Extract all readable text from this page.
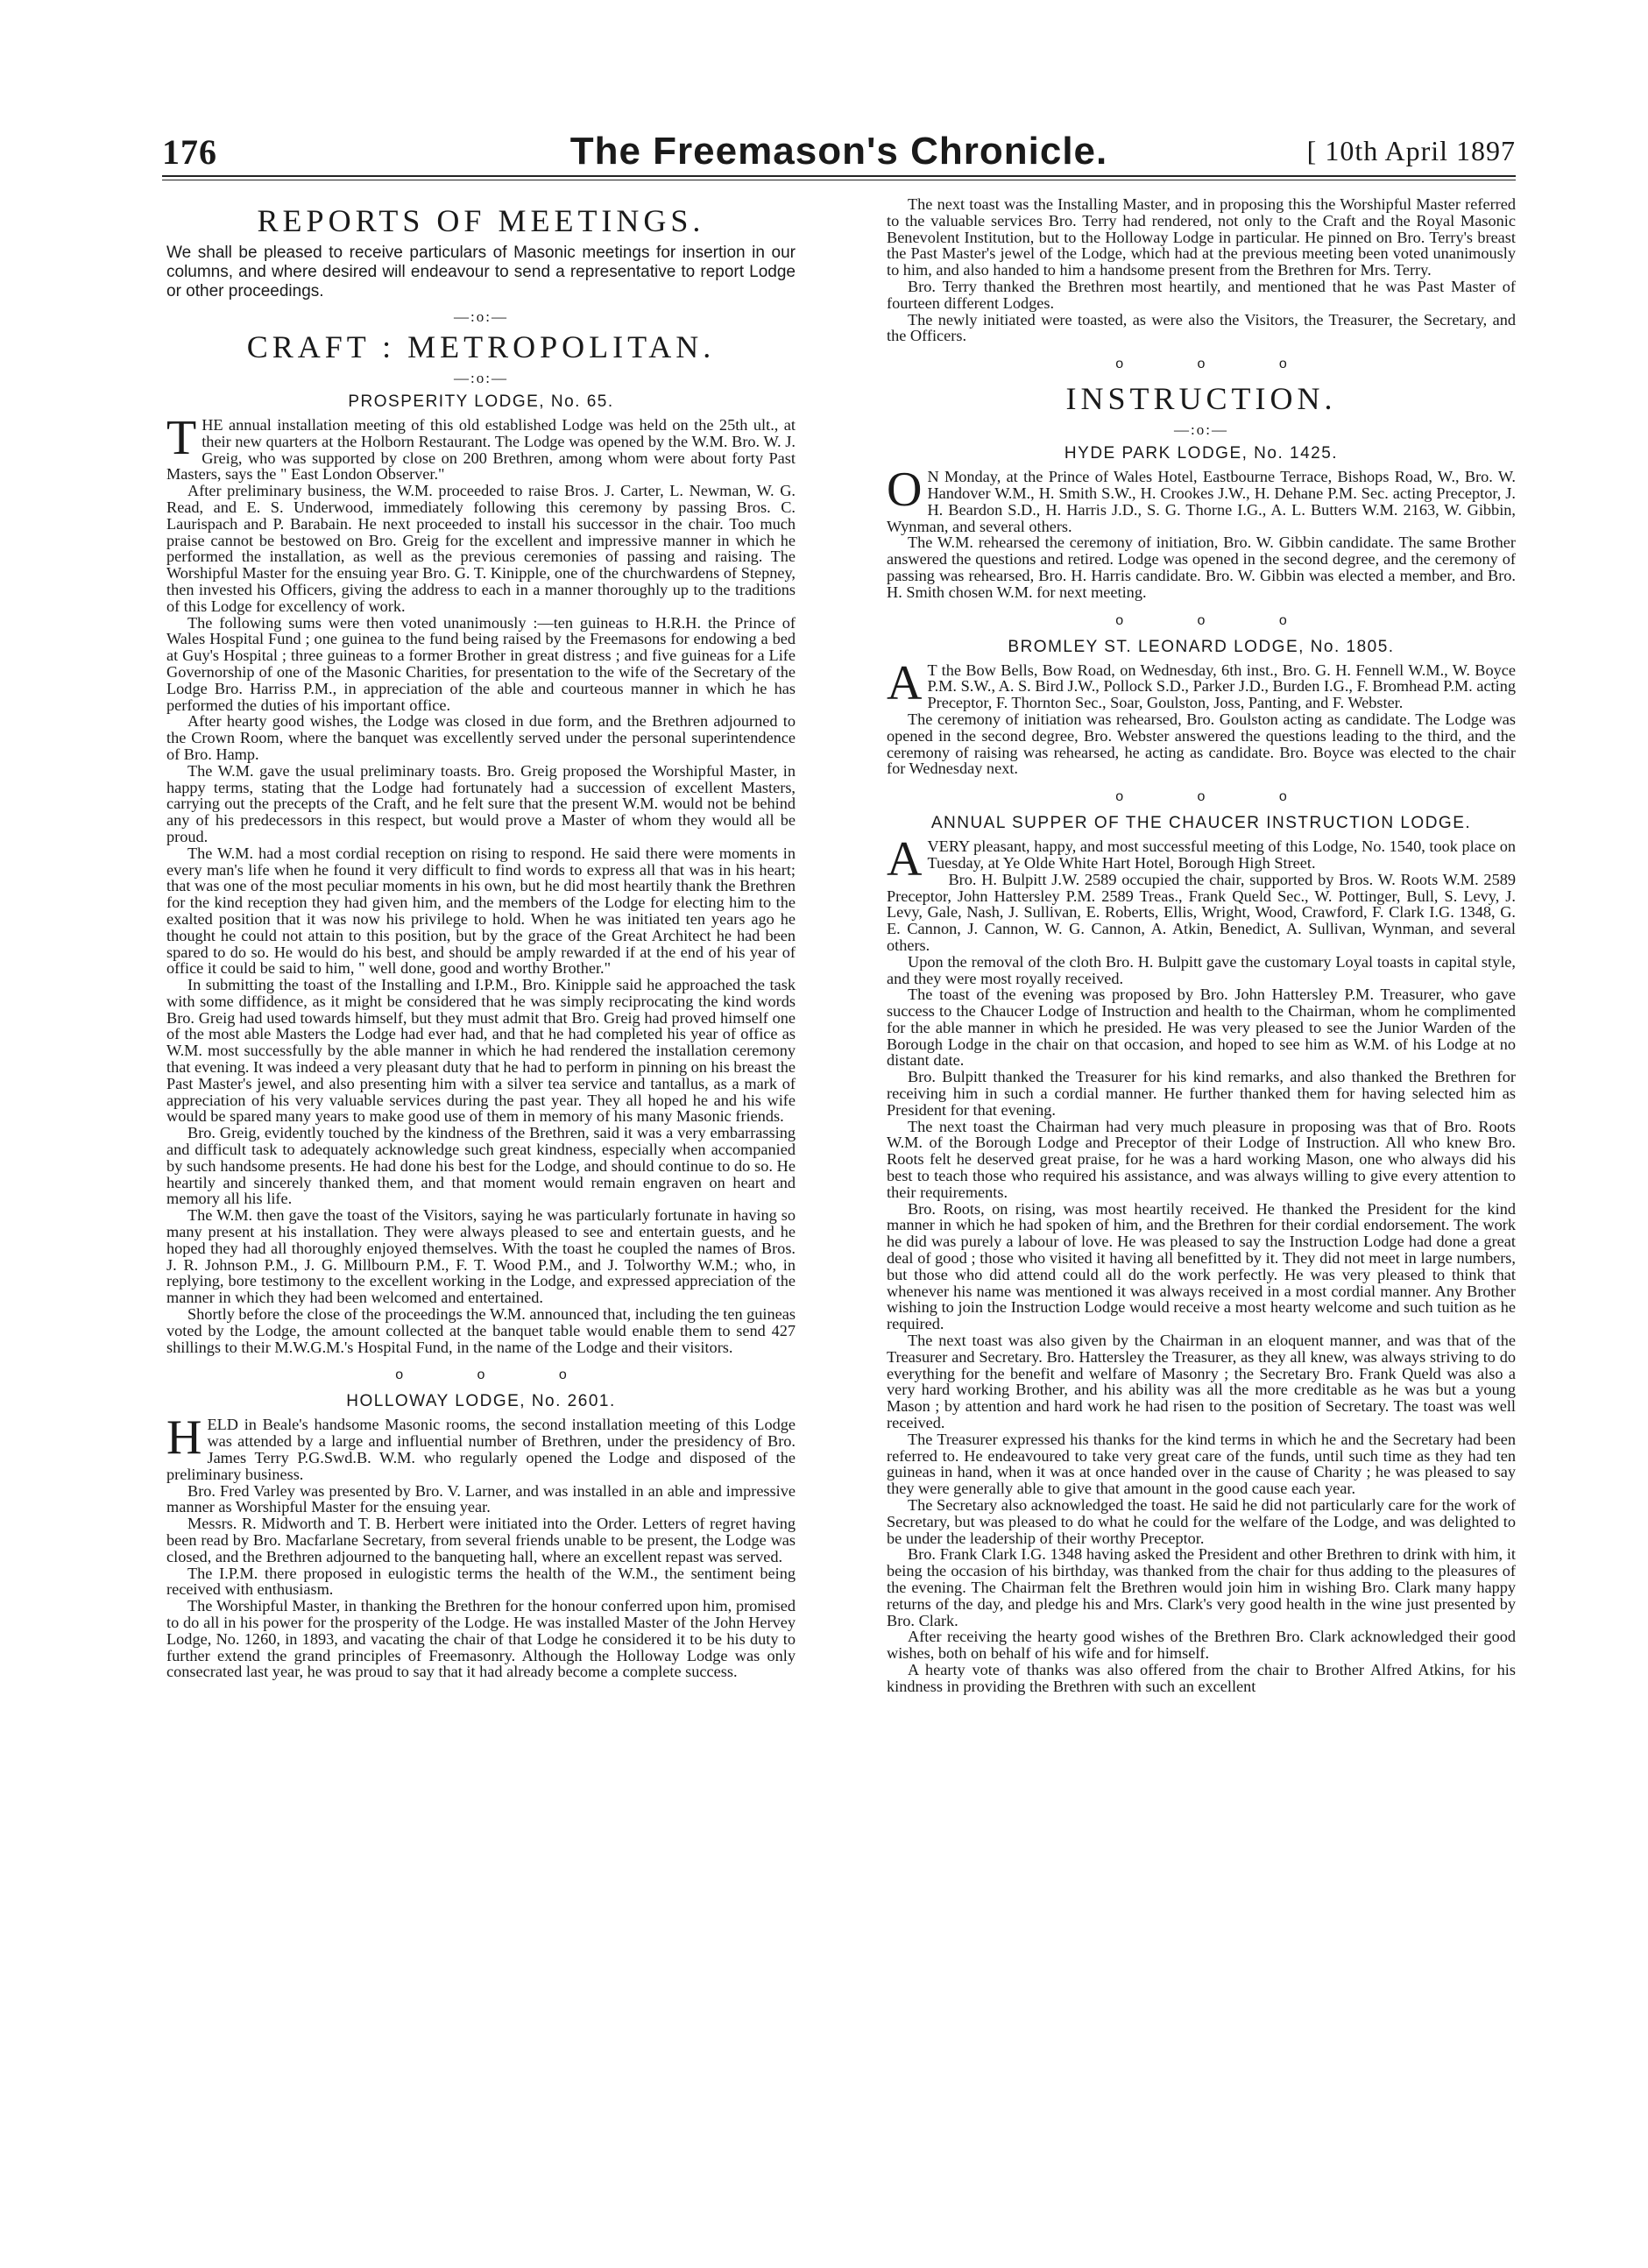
176	The Freemason's Chronicle.	[ 10th April 1897
REPORTS OF MEETINGS.
We shall be pleased to receive particulars of Masonic meetings for insertion in our columns, and where desired will endeavour to send a representative to report Lodge or other proceedings.
—:o:—
CRAFT : METROPOLITAN.
—:o:—
PROSPERITY LODGE, No. 65.

THE annual installation meeting of this old established Lodge was held on the 25th ult., at their new quarters at the Holborn Restaurant. The Lodge was opened by the W.M. Bro. W. J. Greig, who was supported by close on 200 Brethren, among whom were about forty Past Masters, says the " East London Observer."

After preliminary business, the W.M. proceeded to raise Bros. J. Carter, L. Newman, W. G. Read, and E. S. Underwood, immediately following this ceremony by passing Bros. C. Laurispach and P. Barabain. He next proceeded to install his successor in the chair. Too much praise cannot be bestowed on Bro. Greig for the excellent and impressive manner in which he performed the installation, as well as the previous ceremonies of passing and raising. The Worshipful Master for the ensuing year Bro. G. T. Kinipple, one of the churchwardens of Stepney, then invested his Officers, giving the address to each in a manner thoroughly up to the traditions of this Lodge for excellency of work.

The following sums were then voted unanimously :—ten guineas to H.R.H. the Prince of Wales Hospital Fund ; one guinea to the fund being raised by the Freemasons for endowing a bed at Guy's Hospital ; three guineas to a former Brother in great distress ; and five guineas for a Life Governorship of one of the Masonic Charities, for presentation to the wife of the Secretary of the Lodge Bro. Harriss P.M., in appreciation of the able and courteous manner in which he has performed the duties of his important office.

After hearty good wishes, the Lodge was closed in due form, and the Brethren adjourned to the Crown Room, where the banquet was excellently served under the personal superintendence of Bro. Hamp.

The W.M. gave the usual preliminary toasts. Bro. Greig proposed the Worshipful Master, in happy terms, stating that the Lodge had fortunately had a succession of excellent Masters, carrying out the precepts of the Craft, and he felt sure that the present W.M. would not be behind any of his predecessors in this respect, but would prove a Master of whom they would all be proud.

The W.M. had a most cordial reception on rising to respond. He said there were moments in every man's life when he found it very difficult to find words to express all that was in his heart; that was one of the most peculiar moments in his own, but he did most heartily thank the Brethren for the kind reception they had given him, and the members of the Lodge for electing him to the exalted position that it was now his privilege to hold. When he was initiated ten years ago he thought he could not attain to this position, but by the grace of the Great Architect he had been spared to do so. He would do his best, and should be amply rewarded if at the end of his year of office it could be said to him, " well done, good and worthy Brother."

In submitting the toast of the Installing and I.P.M., Bro. Kinipple said he approached the task with some diffidence, as it might be considered that he was simply reciprocating the kind words Bro. Greig had used towards himself, but they must admit that Bro. Greig had proved himself one of the most able Masters the Lodge had ever had, and that he had completed his year of office as W.M. most successfully by the able manner in which he had rendered the installation ceremony that evening. It was indeed a very pleasant duty that he had to perform in pinning on his breast the Past Master's jewel, and also presenting him with a silver tea service and tantallus, as a mark of appreciation of his very valuable services during the past year. They all hoped he and his wife would be spared many years to make good use of them in memory of his many Masonic friends.

Bro. Greig, evidently touched by the kindness of the Brethren, said it was a very embarrassing and difficult task to adequately acknowledge such great kindness, especially when accompanied by such handsome presents. He had done his best for the Lodge, and should continue to do so. He heartily and sincerely thanked them, and that moment would remain engraven on heart and memory all his life.

The W.M. then gave the toast of the Visitors, saying he was particularly fortunate in having so many present at his installation. They were always pleased to see and entertain guests, and he hoped they had all thoroughly enjoyed themselves. With the toast he coupled the names of Bros. J. R. Johnson P.M., J. G. Millbourn P.M., F. T. Wood P.M., and J. Tolworthy W.M.; who, in replying, bore testimony to the excellent working in the Lodge, and expressed appreciation of the manner in which they had been welcomed and entertained.

Shortly before the close of the proceedings the W.M. announced that, including the ten guineas voted by the Lodge, the amount collected at the banquet table would enable them to send 427 shillings to their M.W.G.M.'s Hospital Fund, in the name of the Lodge and their visitors.

o o o
HOLLOWAY LODGE, No. 2601.

HELD in Beale's handsome Masonic rooms, the second installation meeting of this Lodge was attended by a large and influential number of Brethren, under the presidency of Bro. James Terry P.G.Swd.B. W.M. who regularly opened the Lodge and disposed of the preliminary business.

Bro. Fred Varley was presented by Bro. V. Larner, and was installed in an able and impressive manner as Worshipful Master for the ensuing year.

Messrs. R. Midworth and T. B. Herbert were initiated into the Order. Letters of regret having been read by Bro. Macfarlane Secretary, from several friends unable to be present, the Lodge was closed, and the Brethren adjourned to the banqueting hall, where an excellent repast was served.

The I.P.M. there proposed in eulogistic terms the health of the W.M., the sentiment being received with enthusiasm.

The Worshipful Master, in thanking the Brethren for the honour conferred upon him, promised to do all in his power for the prosperity of the Lodge. He was installed Master of the John Hervey Lodge, No. 1260, in 1893, and vacating the chair of that Lodge he considered it to be his duty to further extend the grand principles of Freemasonry. Although the Holloway Lodge was only consecrated last year, he was proud to say that it had already become a complete success.

The next toast was the Installing Master, and in proposing this the Worshipful Master referred to the valuable services Bro. Terry had rendered, not only to the Craft and the Royal Masonic Benevolent Institution, but to the Holloway Lodge in particular. He pinned on Bro. Terry's breast the Past Master's jewel of the Lodge, which had at the previous meeting been voted unanimously to him, and also handed to him a handsome present from the Brethren for Mrs. Terry.

Bro. Terry thanked the Brethren most heartily, and mentioned that he was Past Master of fourteen different Lodges.

The newly initiated were toasted, as were also the Visitors, the Treasurer, the Secretary, and the Officers.

o o o
INSTRUCTION.
—:o:—
HYDE PARK LODGE, No. 1425.

O N Monday, at the Prince of Wales Hotel, Eastbourne Terrace, Bishops Road, W., Bro. W. Handover W.M., H. Smith S.W., H. Crookes J.W., H. Dehane P.M. Sec. acting Preceptor, J. H. Beardon S.D., H. Harris J.D., S. G. Thorne I.G., A. L. Butters W.M. 2163, W. Gibbin, Wynman, and several others.

The W.M. rehearsed the ceremony of initiation, Bro. W. Gibbin candidate. The same Brother answered the questions and retired. Lodge was opened in the second degree, and the ceremony of passing was rehearsed, Bro. H. Harris candidate. Bro. W. Gibbin was elected a member, and Bro. H. Smith chosen W.M. for next meeting.

o o o
BROMLEY ST. LEONARD LODGE, No. 1805.

A T the Bow Bells, Bow Road, on Wednesday, 6th inst., Bro. G. H. Fennell W.M., W. Boyce P.M. S.W., A. S. Bird J.W., Pollock S.D., Parker J.D., Burden I.G., F. Bromhead P.M. acting Preceptor, F. Thornton Sec., Soar, Goulston, Joss, Panting, and F. Webster.

The ceremony of initiation was rehearsed, Bro. Goulston acting as candidate. The Lodge was opened in the second degree, Bro. Webster answered the questions leading to the third, and the ceremony of raising was rehearsed, he acting as candidate. Bro. Boyce was elected to the chair for Wednesday next.

o o o
ANNUAL SUPPER OF THE CHAUCER INSTRUCTION LODGE.

AVERY pleasant, happy, and most successful meeting of this Lodge, No. 1540, took place on Tuesday, at Ye Olde White Hart Hotel, Borough High Street.

Bro. H. Bulpitt J.W. 2589 occupied the chair, supported by Bros. W. Roots W.M. 2589 Preceptor, John Hattersley P.M. 2589 Treas., Frank Queld Sec., W. Pottinger, Bull, S. Levy, J. Levy, Gale, Nash, J. Sullivan, E. Roberts, Ellis, Wright, Wood, Crawford, F. Clark I.G. 1348, G. E. Cannon, J. Cannon, W. G. Cannon, A. Atkin, Benedict, A. Sullivan, Wynman, and several others.

Upon the removal of the cloth Bro. H. Bulpitt gave the customary Loyal toasts in capital style, and they were most royally received.

The toast of the evening was proposed by Bro. John Hattersley P.M. Treasurer, who gave success to the Chaucer Lodge of Instruction and health to the Chairman, whom he complimented for the able manner in which he presided. He was very pleased to see the Junior Warden of the Borough Lodge in the chair on that occasion, and hoped to see him as W.M. of his Lodge at no distant date.

Bro. Bulpitt thanked the Treasurer for his kind remarks, and also thanked the Brethren for receiving him in such a cordial manner. He further thanked them for having selected him as President for that evening.

The next toast the Chairman had very much pleasure in proposing was that of Bro. Roots W.M. of the Borough Lodge and Preceptor of their Lodge of Instruction. All who knew Bro. Roots felt he deserved great praise, for he was a hard working Mason, one who always did his best to teach those who required his assistance, and was always willing to give every attention to their requirements.

Bro. Roots, on rising, was most heartily received. He thanked the President for the kind manner in which he had spoken of him, and the Brethren for their cordial endorsement. The work he did was purely a labour of love. He was pleased to say the Instruction Lodge had done a great deal of good ; those who visited it having all benefitted by it. They did not meet in large numbers, but those who did attend could all do the work perfectly. He was very pleased to think that whenever his name was mentioned it was always received in a most cordial manner. Any Brother wishing to join the Instruction Lodge would receive a most hearty welcome and such tuition as he required.

The next toast was also given by the Chairman in an eloquent manner, and was that of the Treasurer and Secretary. Bro. Hattersley the Treasurer, as they all knew, was always striving to do everything for the benefit and welfare of Masonry ; the Secretary Bro. Frank Queld was also a very hard working Brother, and his ability was all the more creditable as he was but a young Mason ; by attention and hard work he had risen to the position of Secretary. The toast was well received.

The Treasurer expressed his thanks for the kind terms in which he and the Secretary had been referred to. He endeavoured to take very great care of the funds, until such time as they had ten guineas in hand, when it was at once handed over in the cause of Charity ; he was pleased to say they were generally able to give that amount in the good cause each year.

The Secretary also acknowledged the toast. He said he did not particularly care for the work of Secretary, but was pleased to do what he could for the welfare of the Lodge, and was delighted to be under the leadership of their worthy Preceptor.

Bro. Frank Clark I.G. 1348 having asked the President and other Brethren to drink with him, it being the occasion of his birthday, was thanked from the chair for thus adding to the pleasures of the evening. The Chairman felt the Brethren would join him in wishing Bro. Clark many happy returns of the day, and pledge his and Mrs. Clark's very good health in the wine just presented by Bro. Clark.

After receiving the hearty good wishes of the Brethren Bro. Clark acknowledged their good wishes, both on behalf of his wife and for himself.

A hearty vote of thanks was also offered from the chair to Brother Alfred Atkins, for his kindness in providing the Brethren with such an excellent
